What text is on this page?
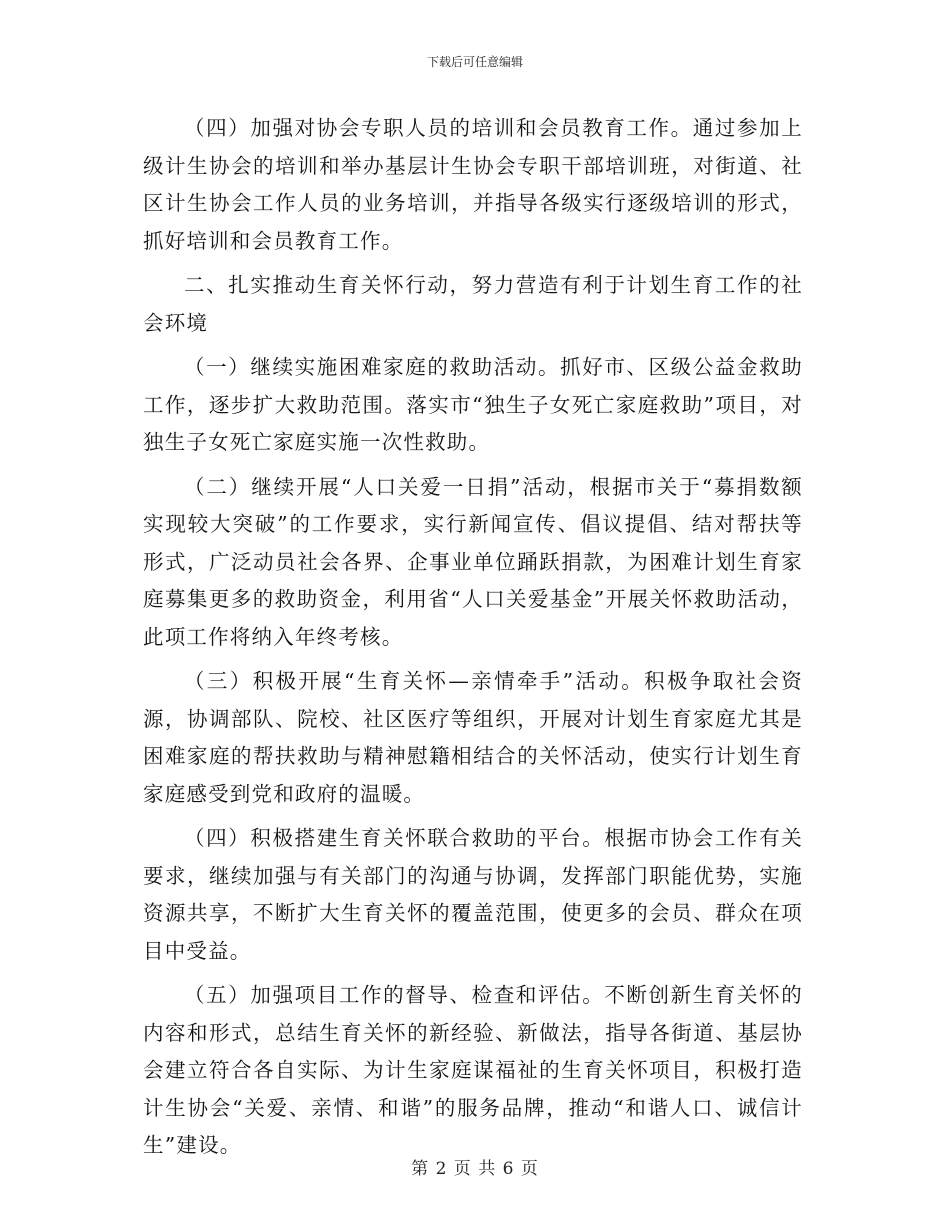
下载后可任意编辑

（四）加强对协会专职人员的培训和会员教育工作。通过参加上级计生协会的培训和举办基层计生协会专职干部培训班，对街道、社区计生协会工作人员的业务培训，并指导各级实行逐级培训的形式，抓好培训和会员教育工作。

二、扎实推动生育关怀行动，努力营造有利于计划生育工作的社会环境

（一）继续实施困难家庭的救助活动。抓好市、区级公益金救助工作，逐步扩大救助范围。落实市“独生子女死亡家庭救助”项目，对独生子女死亡家庭实施一次性救助。

（二）继续开展“人口关爱一日捐”活动，根据市关于“募捐数额实现较大突破”的工作要求，实行新闻宣传、倡议提倡、结对帮扶等形式，广泛动员社会各界、企事业单位踊跃捐款，为困难计划生育家庭募集更多的救助资金，利用省“人口关爱基金”开展关怀救助活动，此项工作将纳入年终考核。

（三）积极开展“生育关怀—亲情牵手”活动。积极争取社会资源，协调部队、院校、社区医疗等组织，开展对计划生育家庭尤其是困难家庭的帮扶救助与精神慰籍相结合的关怀活动，使实行计划生育家庭感受到党和政府的温暖。

（四）积极搭建生育关怀联合救助的平台。根据市协会工作有关要求，继续加强与有关部门的沟通与协调，发挥部门职能优势，实施资源共享，不断扩大生育关怀的覆盖范围，使更多的会员、群众在项目中受益。

（五）加强项目工作的督导、检查和评估。不断创新生育关怀的内容和形式，总结生育关怀的新经验、新做法，指导各街道、基层协会建立符合各自实际、为计生家庭谋福祉的生育关怀项目，积极打造计生协会“关爱、亲情、和谐”的服务品牌，推动“和谐人口、诚信计生”建设。

第 2 页 共 6 页
